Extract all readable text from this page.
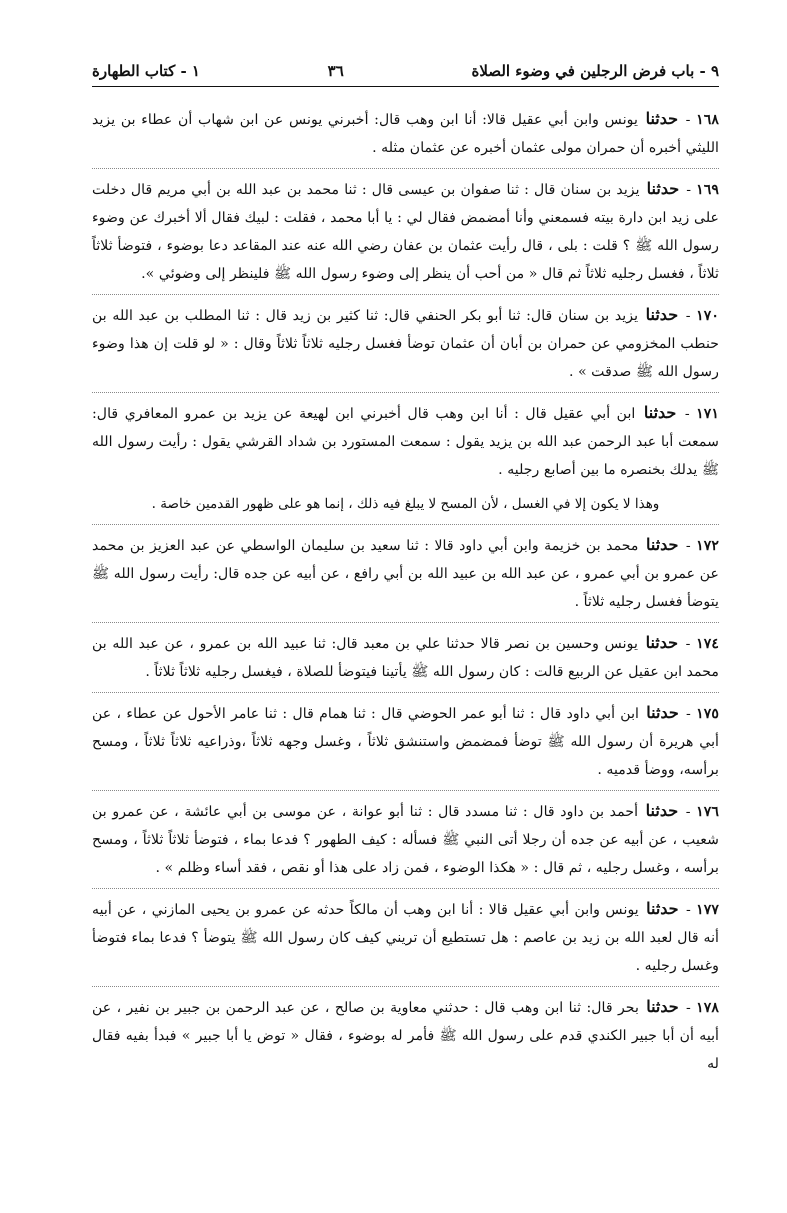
١ - كتاب الطهارة	٣٦	٩ - باب فرض الرجلين في وضوء الصلاة

١٦٨ - حدثنا يونس وابن أبي عقيل قالا: أنا ابن وهب قال: أخبرني يونس عن ابن شهاب أن عطاء بن يزيد الليثي أخبره أن حمران مولى عثمان أخبره عن عثمان مثله .

١٦٩ - حدثنا يزيد بن سنان قال : ثنا صفوان بن عيسى قال : ثنا محمد بن عبد الله بن أبي مريم قال دخلت على زيد ابن دارة بيته فسمعني وأنا أمضمض فقال لي : يا أبا محمد ، فقلت : لبيك فقال ألا أخبرك عن وضوء رسول الله ﷺ ؟ قلت : بلى ، قال رأيت عثمان بن عفان رضي الله عنه عند المقاعد دعا بوضوء ، فتوضأ ثلاثاً ثلاثاً ، فغسل رجليه ثلاثاً ثم قال « من أحب أن ينظر إلى وضوء رسول الله ﷺ فلينظر إلى وضوئي ».

١٧٠ - حدثنا يزيد بن سنان قال: ثنا أبو بكر الحنفي قال: ثنا كثير بن زيد قال : ثنا المطلب بن عبد الله بن حنطب المخزومي عن حمران بن أبان أن عثمان توضأ فغسل رجليه ثلاثاً ثلاثاً وقال : « لو قلت إن هذا وضوء رسول الله ﷺ صدقت » .

١٧١ - حدثنا ابن أبي عقيل قال : أنا ابن وهب قال أخبرني ابن لهيعة عن يزيد بن عمرو المعافري قال: سمعت أبا عبد الرحمن عبد الله بن يزيد يقول : سمعت المستورد بن شداد القرشي يقول : رأيت رسول الله ﷺ يدلك بخنصره ما بين أصابع رجليه .

وهذا لا يكون إلا في الغسل ، لأن المسح لا يبلغ فيه ذلك ، إنما هو على ظهور القدمين خاصة .

١٧٢ - حدثنا محمد بن خزيمة وابن أبي داود قالا : ثنا سعيد بن سليمان الواسطي عن عبد العزيز بن محمد عن عمرو بن أبي عمرو ، عن عبد الله بن عبيد الله بن أبي رافع ، عن أبيه عن جده قال: رأيت رسول الله ﷺ يتوضأ فغسل رجليه ثلاثاً .

١٧٤ - حدثنا يونس وحسين بن نصر قالا حدثنا علي بن معبد قال: ثنا عبيد الله بن عمرو ، عن عبد الله بن محمد ابن عقيل عن الربيع قالت : كان رسول الله ﷺ يأتينا فيتوضأ للصلاة ، فيغسل رجليه ثلاثاً ثلاثاً .

١٧٥ - حدثنا ابن أبي داود قال : ثنا أبو عمر الحوضي قال : ثنا همام قال : ثنا عامر الأحول عن عطاء ، عن أبي هريرة أن رسول الله ﷺ توضأ فمضمض واستنشق ثلاثاً ، وغسل وجهه ثلاثاً ،وذراعيه ثلاثاً ثلاثاً ، ومسح برأسه، ووضأ قدميه .

١٧٦ - حدثنا أحمد بن داود قال : ثنا مسدد قال : ثنا أبو عوانة ، عن موسى بن أبي عائشة ، عن عمرو بن شعيب ، عن أبيه عن جده أن رجلا أتى النبي ﷺ فسأله : كيف الطهور ؟ فدعا بماء ، فتوضأ ثلاثاً ثلاثاً ، ومسح برأسه ، وغسل رجليه ، ثم قال : « هكذا الوضوء ، فمن زاد على هذا أو نقص ، فقد أساء وظلم » .

١٧٧ - حدثنا يونس وابن أبي عقيل قالا : أنا ابن وهب أن مالكاً حدثه عن عمرو بن يحيى المازني ، عن أبيه أنه قال لعبد الله بن زيد بن عاصم : هل تستطيع أن تريني كيف كان رسول الله ﷺ يتوضأ ؟ فدعا بماء فتوضأ وغسل رجليه .

١٧٨ - حدثنا بحر قال: ثنا ابن وهب قال : حدثني معاوية بن صالح ، عن عبد الرحمن بن جبير بن نفير ، عن أبيه أن أبا جبير الكندي قدم على رسول الله ﷺ فأمر له بوضوء ، فقال « توض يا أبا جبير » فبدأ بفيه فقال له
